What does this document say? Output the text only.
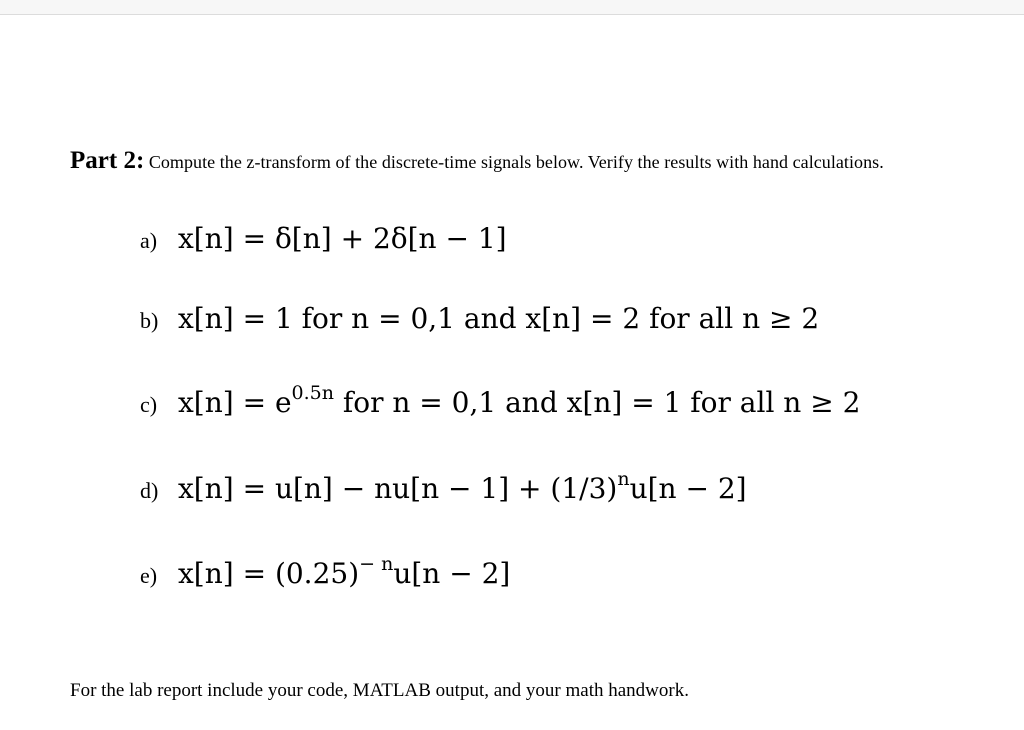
Part 2: Compute the z-transform of the discrete-time signals below. Verify the results with hand calculations.
a) x[n] = δ[n] + 2δ[n − 1]
b) x[n] = 1 for n = 0,1 and x[n] = 2 for all n ≥ 2
c) $x[n] = e^{0.5n}$ for n = 0,1 and x[n] = 1 for all n ≥ 2
d) $x[n] = u[n] - nu[n - 1] + (1/3)^nu[n - 2]$
e) $x[n] = (0.25)^{- n}u[n - 2]$
For the lab report include your code, MATLAB output, and your math handwork.
